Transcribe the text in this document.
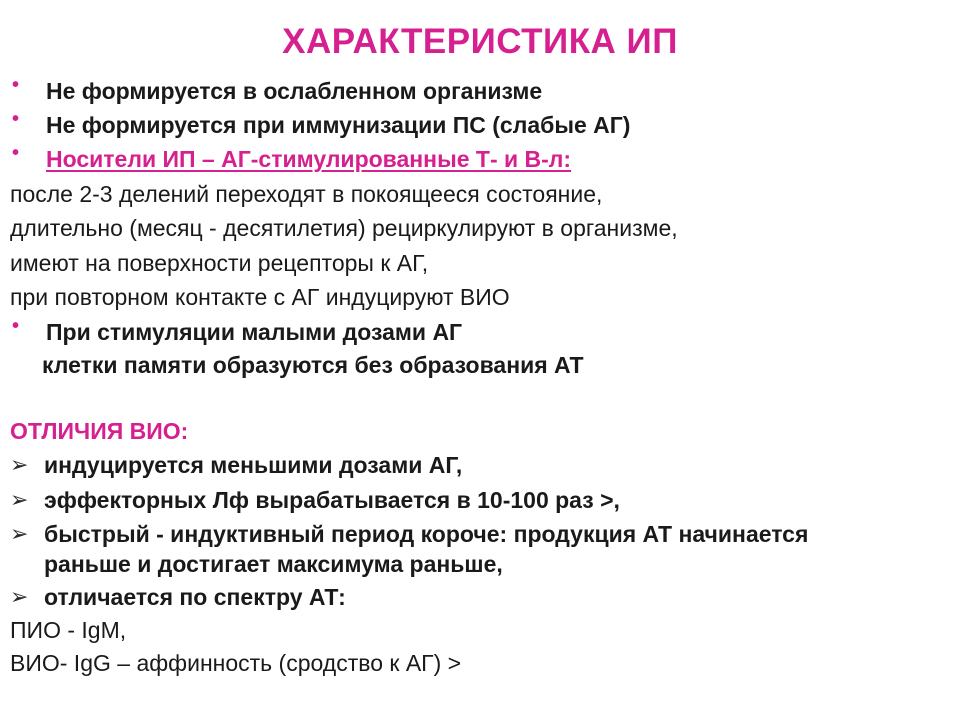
ХАРАКТЕРИСТИКА ИП
• Не формируется в ослабленном организме
• Не формируется при иммунизации ПС (слабые АГ)
• Носители ИП – АГ-стимулированные Т- и В-л:
после 2-3 делений переходят в покоящееся состояние,
длительно (месяц - десятилетия) рециркулируют в организме,
имеют на поверхности рецепторы к АГ,
при повторном контакте с АГ индуцируют ВИО
• При стимуляции малыми дозами АГ
клетки памяти образуются без образования АТ
ОТЛИЧИЯ ВИО:
➢ индуцируется меньшими дозами АГ,
➢ эффекторных Лф вырабатывается в 10-100 раз >,
➢ быстрый - индуктивный период короче: продукция АТ начинается
раньше и достигает максимума раньше,
➢ отличается по спектру АТ:
ПИО - IgM,
ВИО- IgG – аффинность (сродство к АГ) >
